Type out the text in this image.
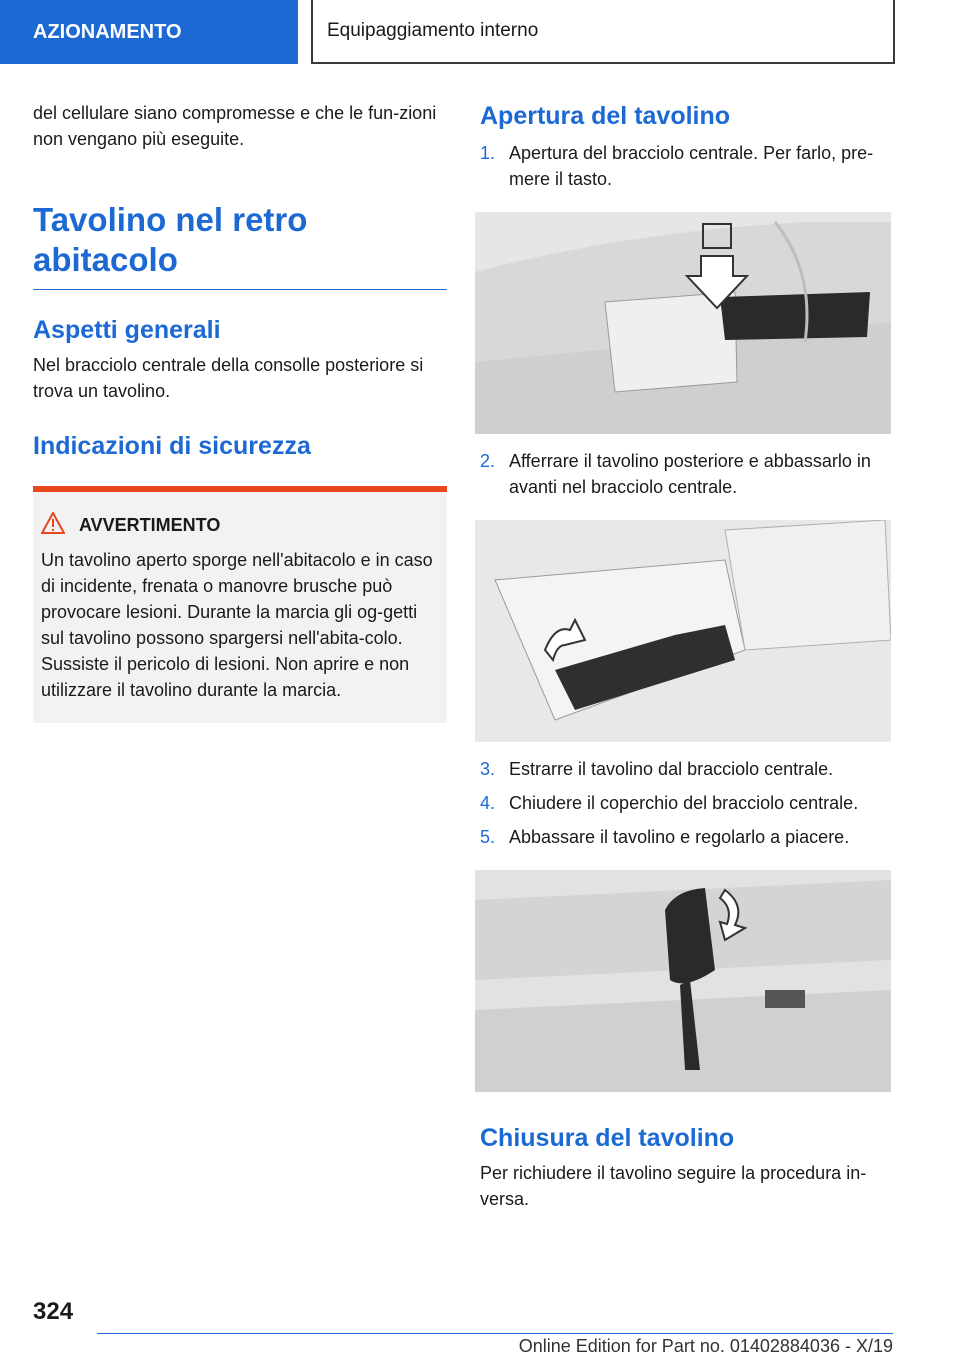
AZIONAMENTO	Equipaggiamento interno

del cellulare siano compromesse e che le fun-zioni non vengano più eseguite.

Tavolino nel retro abitacolo
Aspetti generali

Nel bracciolo centrale della consolle posteriore si trova un tavolino.

Indicazioni di sicurezza
AVVERTIMENTO

Un tavolino aperto sporge nell'abitacolo e in caso di incidente, frenata o manovre brusche può provocare lesioni. Durante la marcia gli og-getti sul tavolino possono spargersi nell'abita-colo. Sussiste il pericolo di lesioni. Non aprire e non utilizzare il tavolino durante la marcia.

Apertura del tavolino
1. Apertura del bracciolo centrale. Per farlo, pre-mere il tasto.
2. Afferrare il tavolino posteriore e abbassarlo in avanti nel bracciolo centrale.
3. Estrarre il tavolino dal bracciolo centrale.
4. Chiudere il coperchio del bracciolo centrale.
5. Abbassare il tavolino e regolarlo a piacere.
Chiusura del tavolino

Per richiudere il tavolino seguire la procedura in-versa.

324
Online Edition for Part no. 01402884036 - X/19
